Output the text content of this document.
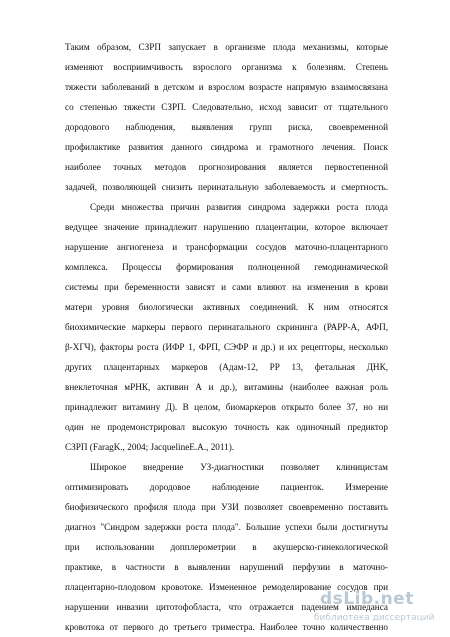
Таким образом, СЗРП запускает в организме плода механизмы, которые
изменяют восприимчивость взрослого организма к болезням. Степень
тяжести заболеваний в детском и взрослом возрасте напрямую взаимосвязана
со степенью тяжести СЗРП. Следовательно, исход зависит от тщательного
дородового наблюдения, выявления групп риска, своевременной
профилактике развития данного синдрома и грамотного лечения. Поиск
наиболее точных методов прогнозирования является первостепенной
задачей, позволяющей снизить перинатальную заболеваемость и смертность.
Среди множества причин развития синдрома задержки роста плода
ведущее значение принадлежит нарушению плацентации, которое включает
нарушение ангиогенеза и трансформации сосудов маточно-плацентарного
комплекса. Процессы формирования полноценной гемодинамической
системы при беременности зависят и сами влияют на изменения в крови
матери уровня биологически активных соединений. К ним относятся
биохимические маркеры первого перинатального скрининга (РАРР-А, АФП,
β-ХГЧ), факторы роста (ИФР 1, ФРП, СЭФР и др.) и их рецепторы, несколько
других плацентарных маркеров (Адам-12, РР 13, фетальная ДНК,
внеклеточная мРНК, активин А и др.), витамины (наиболее важная роль
принадлежит витамину Д). В целом, биомаркеров открыто более 37, но ни
один не продемонстрировал высокую точность как одиночный предиктор
СЗРП (FaragK., 2004; JacquelineE.A., 2011).
Широкое внедрение УЗ-диагностики позволяет клиницистам
оптимизировать дородовое наблюдение пациенток. Измерение
биофизического профиля плода при УЗИ позволяет своевременно поставить
диагноз "Синдром задержки роста плода". Большие успехи были достигнуты
при использовании допплерометрии в акушерско-гинекологической
практике, в частности в выявлении нарушений перфузии в маточно-
плацентарно-плодовом кровотоке. Измененное ремоделирование сосудов при
нарушении инвазии цитотофобласта, что отражается падением импеданса
кровотока от первого до третьего триместра. Наиболее точно количественно
dsLib.net
библиотека диссертаций
